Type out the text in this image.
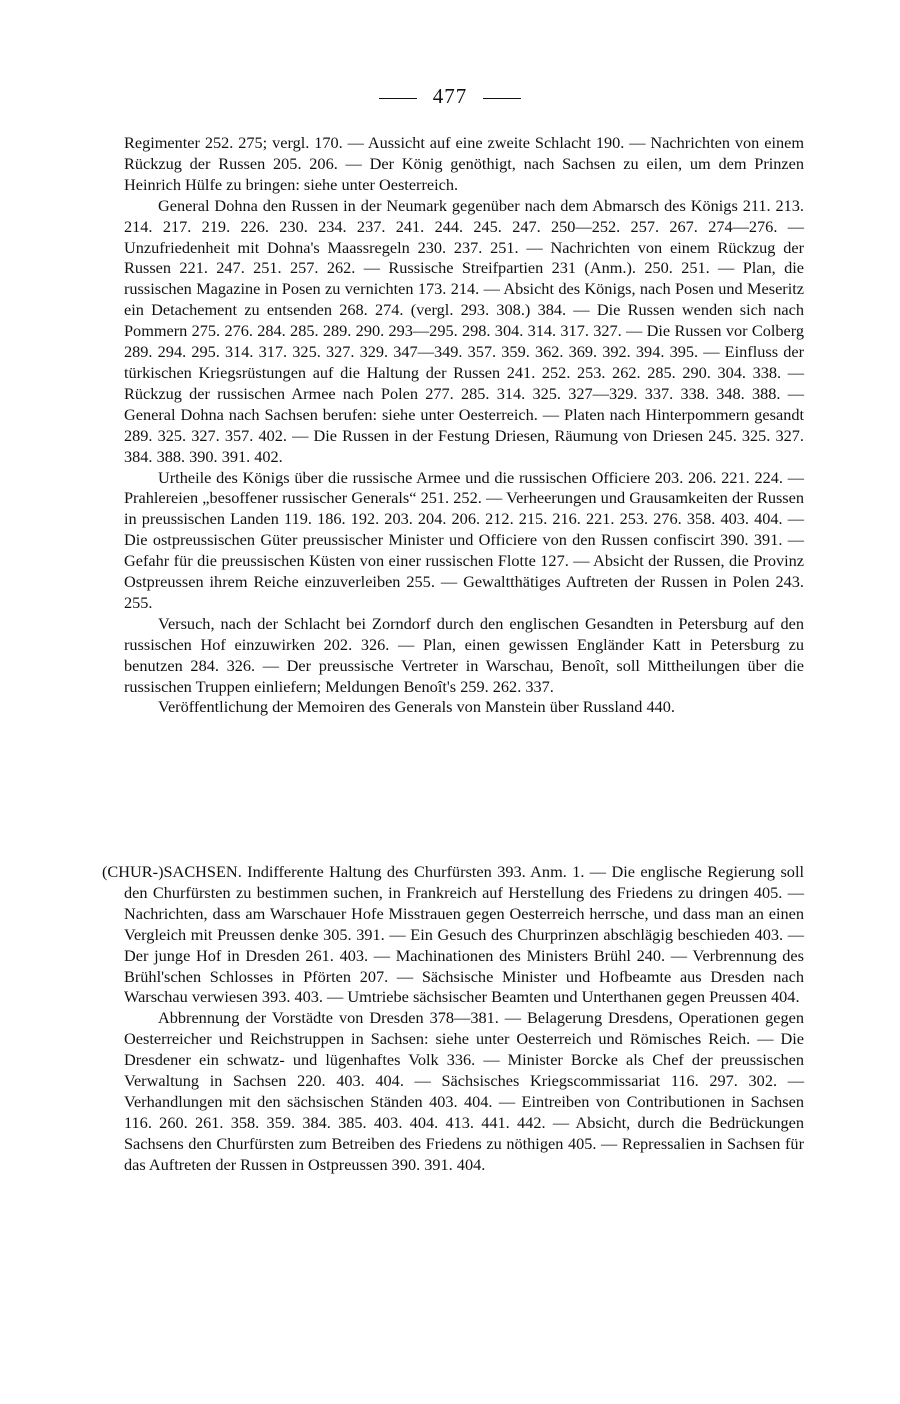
477

Regimenter 252. 275; vergl. 170. — Aussicht auf eine zweite Schlacht 190. — Nachrichten von einem Rückzug der Russen 205. 206. — Der König genöthigt, nach Sachsen zu eilen, um dem Prinzen Heinrich Hülfe zu bringen: siehe unter Oesterreich.

General Dohna den Russen in der Neumark gegenüber nach dem Abmarsch des Königs 211. 213. 214. 217. 219. 226. 230. 234. 237. 241. 244. 245. 247. 250—252. 257. 267. 274—276. — Unzufriedenheit mit Dohna's Maassregeln 230. 237. 251. — Nachrichten von einem Rückzug der Russen 221. 247. 251. 257. 262. — Russische Streifpartien 231 (Anm.). 250. 251. — Plan, die russischen Magazine in Posen zu vernichten 173. 214. — Absicht des Königs, nach Posen und Meseritz ein Detachement zu entsenden 268. 274. (vergl. 293. 308.) 384. — Die Russen wenden sich nach Pommern 275. 276. 284. 285. 289. 290. 293—295. 298. 304. 314. 317. 327. — Die Russen vor Colberg 289. 294. 295. 314. 317. 325. 327. 329. 347—349. 357. 359. 362. 369. 392. 394. 395. — Einfluss der türkischen Kriegsrüstungen auf die Haltung der Russen 241. 252. 253. 262. 285. 290. 304. 338. — Rückzug der russischen Armee nach Polen 277. 285. 314. 325. 327—329. 337. 338. 348. 388. — General Dohna nach Sachsen berufen: siehe unter Oesterreich. — Platen nach Hinterpommern gesandt 289. 325. 327. 357. 402. — Die Russen in der Festung Driesen, Räumung von Driesen 245. 325. 327. 384. 388. 390. 391. 402.

Urtheile des Königs über die russische Armee und die russischen Officiere 203. 206. 221. 224. — Prahlereien „besoffener russischer Generals“ 251. 252. — Verheerungen und Grausamkeiten der Russen in preussischen Landen 119. 186. 192. 203. 204. 206. 212. 215. 216. 221. 253. 276. 358. 403. 404. — Die ostpreussischen Güter preussischer Minister und Officiere von den Russen confiscirt 390. 391. — Gefahr für die preussischen Küsten von einer russischen Flotte 127. — Absicht der Russen, die Provinz Ostpreussen ihrem Reiche einzuverleiben 255. — Gewaltthätiges Auftreten der Russen in Polen 243. 255.

Versuch, nach der Schlacht bei Zorndorf durch den englischen Gesandten in Petersburg auf den russischen Hof einzuwirken 202. 326. — Plan, einen gewissen Engländer Katt in Petersburg zu benutzen 284. 326. — Der preussische Vertreter in Warschau, Benoît, soll Mittheilungen über die russischen Truppen einliefern; Meldungen Benoît's 259. 262. 337.

Veröffentlichung der Memoiren des Generals von Manstein über Russland 440.

(CHUR-)SACHSEN. Indifferente Haltung des Churfürsten 393. Anm. 1. — Die englische Regierung soll den Churfürsten zu bestimmen suchen, in Frankreich auf Herstellung des Friedens zu dringen 405. — Nachrichten, dass am Warschauer Hofe Misstrauen gegen Oesterreich herrsche, und dass man an einen Vergleich mit Preussen denke 305. 391. — Ein Gesuch des Churprinzen abschlägig beschieden 403. — Der junge Hof in Dresden 261. 403. — Machinationen des Ministers Brühl 240. — Verbrennung des Brühl'schen Schlosses in Pförten 207. — Sächsische Minister und Hofbeamte aus Dresden nach Warschau verwiesen 393. 403. — Umtriebe sächsischer Beamten und Unterthanen gegen Preussen 404.

Abbrennung der Vorstädte von Dresden 378—381. — Belagerung Dresdens, Operationen gegen Oesterreicher und Reichstruppen in Sachsen: siehe unter Oesterreich und Römisches Reich. — Die Dresdener ein schwatz- und lügenhaftes Volk 336. — Minister Borcke als Chef der preussischen Verwaltung in Sachsen 220. 403. 404. — Sächsisches Kriegscommissariat 116. 297. 302. — Verhandlungen mit den sächsischen Ständen 403. 404. — Eintreiben von Contributionen in Sachsen 116. 260. 261. 358. 359. 384. 385. 403. 404. 413. 441. 442. — Absicht, durch die Bedrückungen Sachsens den Churfürsten zum Betreiben des Friedens zu nöthigen 405. — Repressalien in Sachsen für das Auftreten der Russen in Ostpreussen 390. 391. 404.
